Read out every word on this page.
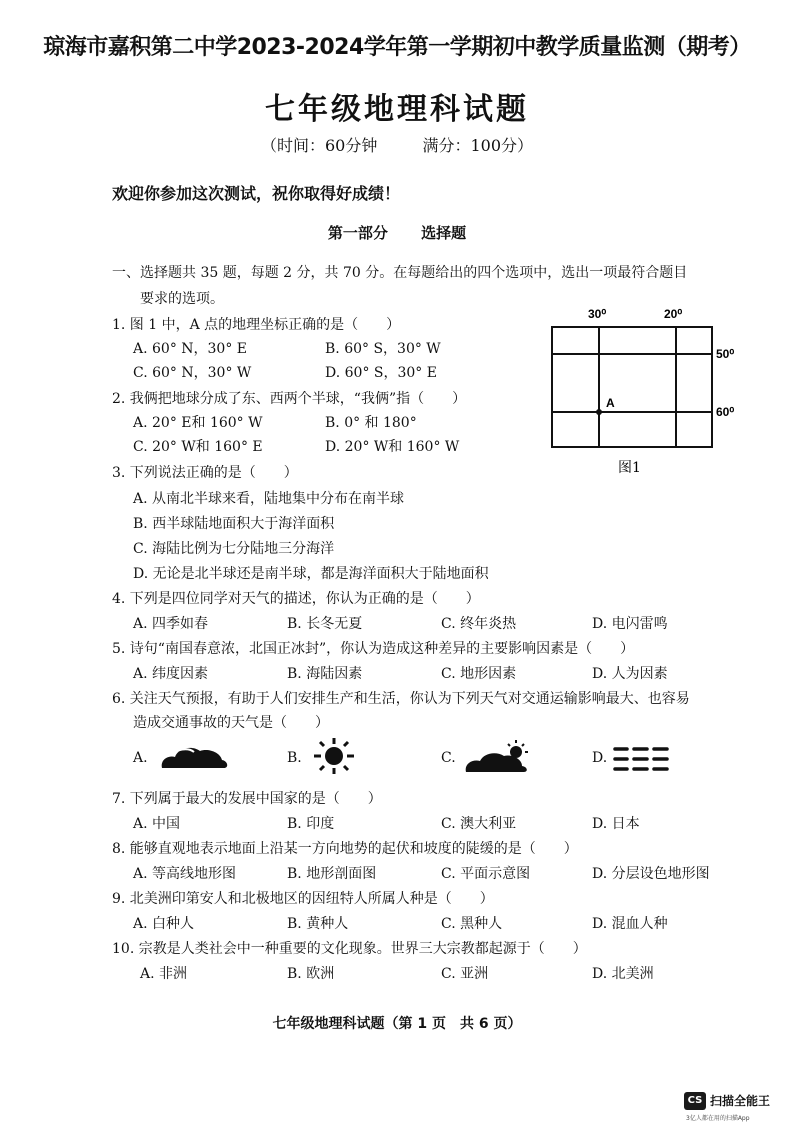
琼海市嘉积第二中学2023-2024学年第一学期初中教学质量监测（期考）
七年级地理科试题
（时间：60分钟	满分：100分）
欢迎你参加这次测试，祝你取得好成绩！
第一部分 选择题
一、选择题共 35 题，每题 2 分，共 70 分。在每题给出的四个选项中，选出一项最符合题目
要求的选项。
1. 图 1 中，A 点的地理坐标正确的是（　　）
A. 60° N，30° E	B. 60° S，30° W
C. 60° N，30° W	D. 60° S，30° E
2. 我俩把地球分成了东、西两个半球，“我俩”指（　　）
A. 20° E和 160° W	B. 0° 和 180°
C. 20° W和 160° E	D. 20° W和 160° W
3. 下列说法正确的是（　　）
A. 从南北半球来看，陆地集中分布在南半球
B. 西半球陆地面积大于海洋面积
C. 海陆比例为七分陆地三分海洋
D. 无论是北半球还是南半球，都是海洋面积大于陆地面积
4. 下列是四位同学对天气的描述，你认为正确的是（　　）
A. 四季如春	B. 长冬无夏	C. 终年炎热	D. 电闪雷鸣
5. 诗句“南国春意浓，北国正冰封”，你认为造成这种差异的主要影响因素是（　　）
A. 纬度因素	B. 海陆因素	C. 地形因素	D. 人为因素
6. 关注天气预报，有助于人们安排生产和生活，你认为下列天气对交通运输影响最大、也容易
造成交通事故的天气是（　　）
A.	B.	C.	D.
7. 下列属于最大的发展中国家的是（　　）
A. 中国	B. 印度	C. 澳大利亚	D. 日本
8. 能够直观地表示地面上沿某一方向地势的起伏和坡度的陡缓的是（　　）
A. 等高线地形图	B. 地形剖面图	C. 平面示意图	D. 分层设色地形图
9. 北美洲印第安人和北极地区的因纽特人所属人种是（　　）
A. 白种人	B. 黄种人	C. 黑种人	D. 混血人种
10. 宗教是人类社会中一种重要的文化现象。世界三大宗教都起源于（　　）
A. 非洲	B. 欧洲	C. 亚洲	D. 北美洲
30⁰	20⁰
A
50⁰
60⁰
图1
七年级地理科试题（第 1 页　共 6 页）
CS 扫描全能王
3亿人都在用的扫描App
